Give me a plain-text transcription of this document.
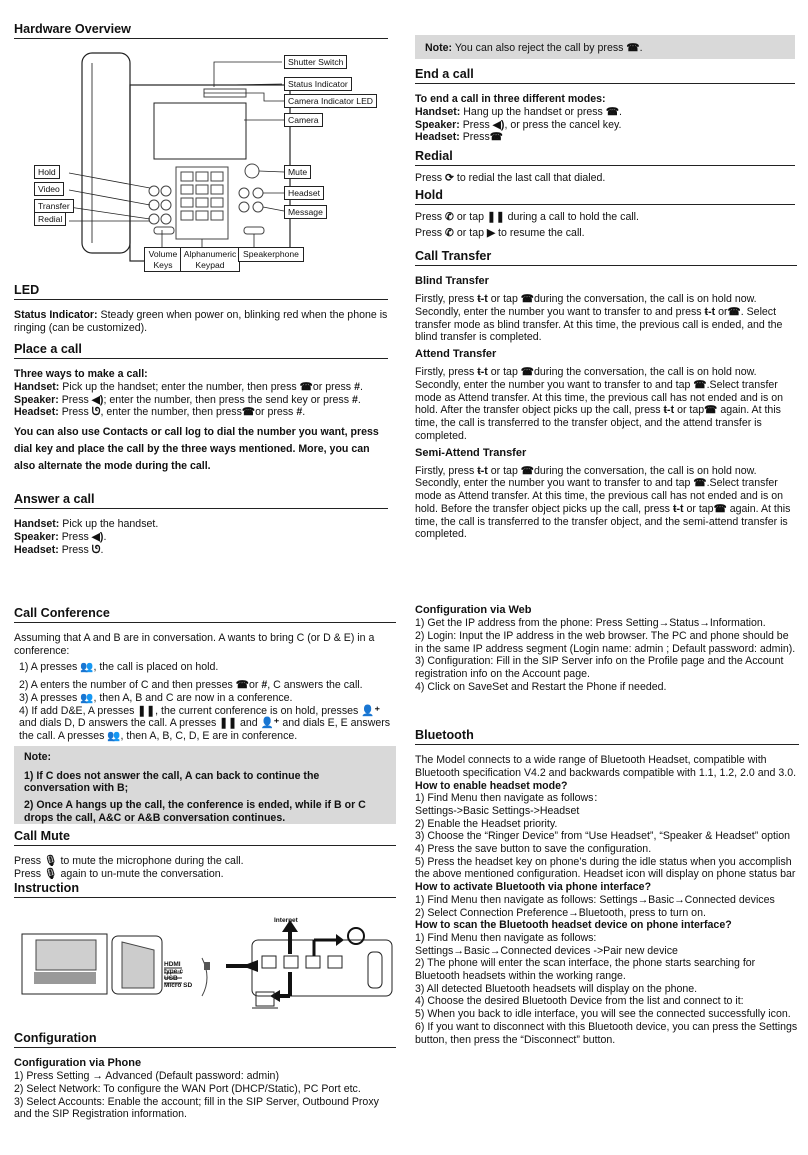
Hardware Overview

Shutter Switch
Status Indicator
Camera Indicator LED
Camera
Hold
Video
Transfer
Redial
Mute
Headset
Message
Volume Keys
Alphanumeric Keypad
Speakerphone

LED

Status Indicator: Steady green when power on, blinking red when the phone is ringing (can be customized).

Place a call

Three ways to make a call:

Handset: Pick up the handset; enter the number, then press ☎or press #.

Speaker: Press ◀); enter the number, then press the send key or press #.

Headset: Press ᘎ, enter the number, then press☎or press #.

You can also use Contacts or call log to dial the number you want, press dial key and place the call by the three ways mentioned. More, you can also alternate the mode during the call.

Answer a call

Handset: Pick up the handset.

Speaker: Press ◀).

Headset: Press ᘎ.

Note: You can also reject the call by press ☎.

End a call

To end a call in three different modes:

Handset: Hang up the handset or press ☎.

Speaker: Press ◀), or press the cancel key.

Headset: Press☎

Redial

Press ⟳ to redial the last call that dialed.

Hold

Press ✆ or tap ❚❚ during a call to hold the call.

Press ✆ or tap ▶ to resume the call.

Call Transfer

Blind Transfer

Firstly, press ŧ-t or tap ☎during the conversation, the call is on hold now. Secondly, enter the number you want to transfer to and press ŧ-t or☎. Select transfer mode as blind transfer. At this time, the previous call is ended, and the blind transfer is completed.

Attend Transfer

Firstly, press ŧ-t or tap ☎during the conversation, the call is on hold now. Secondly, enter the number you want to transfer to and tap ☎.Select transfer mode as Attend transfer. At this time, the previous call has not ended and is on hold. After the transfer object picks up the call, press ŧ-t or tap☎ again. At this time, the call is transferred to the transfer object, and the attend transfer is completed.

Semi-Attend Transfer

Firstly, press ŧ-t or tap ☎during the conversation, the call is on hold now. Secondly, enter the number you want to transfer to and tap ☎.Select transfer mode as Attend transfer. At this time, the previous call has not ended and is on hold. Before the transfer object picks up the call, press ŧ-t or tap☎ again. At this time, the call is transferred to the transfer object, and the semi-attend transfer is completed.

Call Conference

Assuming that A and B are in conversation. A wants to bring C (or D & E) in a conference:

1) A presses 👥, the call is placed on hold.

2) A enters the number of C and then presses ☎or #, C answers the call.

3) A presses 👥, then A, B and C are now in a conference.

4) If add D&E, A presses ❚❚, the current conference is on hold, presses 👤⁺and dials D, D answers the call. A presses ❚❚ and 👤⁺ and dials E, E answers the call. A presses 👥, then A, B, C, D, E are in conference.

Note:

1) If C does not answer the call, A can back to continue the conversation with B;

2) Once A hangs up the call, the conference is ended, while if B or C drops the call, A&C or A&B conversation continues.

Call Mute

Press 🎙 to mute the microphone during the call.

Press 🎙 again to un-mute the conversation.

Instruction

Internet
HDMI
type-c
USB
Micro SD

Configuration

Configuration via Phone

1) Press Setting → Advanced (Default password: admin)

2) Select Network: To configure the WAN Port (DHCP/Static), PC Port etc.

3) Select Accounts: Enable the account; fill in the SIP Server, Outbound Proxy and the SIP Registration information.

Configuration via Web

1) Get the IP address from the phone: Press Setting→Status→Information.

2) Login: Input the IP address in the web browser. The PC and phone should be in the same IP address segment (Login name: admin ; Default password: admin).

3) Configuration: Fill in the SIP Server info on the Profile page and the Account registration info on the Account page.

4) Click on SaveSet and Restart the Phone if needed.

Bluetooth

The Model connects to a wide range of Bluetooth Headset, compatible with Bluetooth specification V4.2 and backwards compatible with 1.1, 1.2, 2.0 and 3.0.

How to enable headset mode?

1) Find Menu then navigate as follows：

Settings->Basic Settings->Headset

2) Enable the Headset priority.

3) Choose the “Ringer Device” from “Use Headset”, “Speaker & Headset” option

4) Press the save button to save the configuration.

5) Press the headset key on phone’s during the idle status when you accomplish the above mentioned configuration. Headset icon will display on phone status bar

How to activate Bluetooth via phone interface?

1) Find Menu then navigate as follows: Settings→Basic→Connected devices

2) Select Connection Preference→Bluetooth, press to turn on.

How to scan the Bluetooth headset device on phone interface?

1) Find Menu then navigate as follows:

Settings→Basic→Connected devices ->Pair new device

2) The phone will enter the scan interface, the phone starts searching for Bluetooth headsets within the working range.

3) All detected Bluetooth headsets will display on the phone.

4) Choose the desired Bluetooth Device from the list and connect to it:

5) When you back to idle interface, you will see the connected successfully icon.

6) If you want to disconnect with this Bluetooth device, you can press the Settings button, then press the “Disconnect” button.
